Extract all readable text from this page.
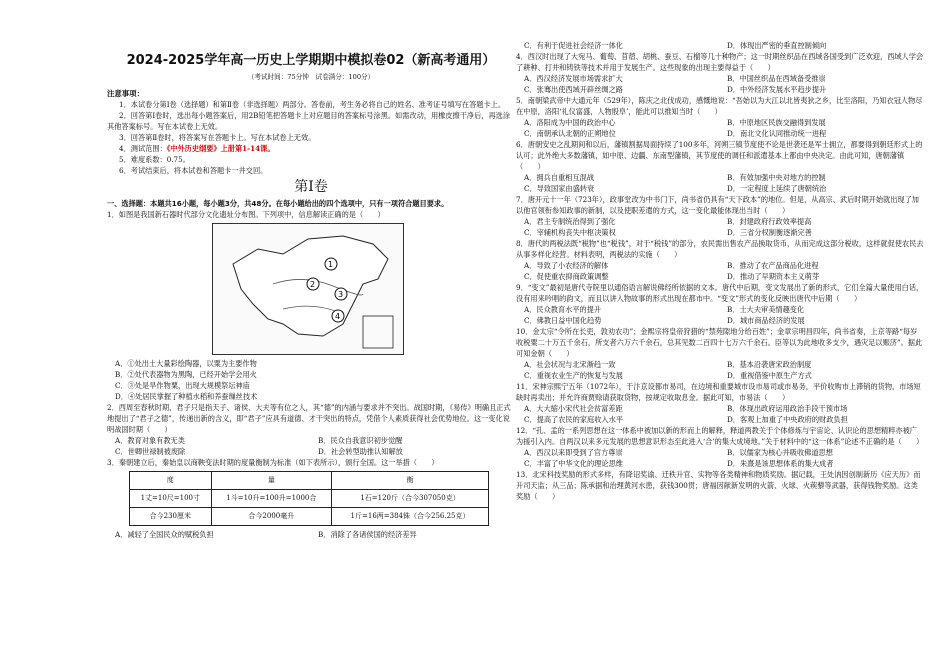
2024-2025学年高一历史上学期期中模拟卷02（新高考通用）
（考试时间：75分钟　试卷满分：100分）
注意事项：

1．本试卷分第Ⅰ卷（选择题）和第Ⅱ卷（非选择题）两部分。答卷前，考生务必将自己的姓名、准考证号填写在答题卡上。

2．回答第Ⅰ卷时，选出每小题答案后，用2B铅笔把答题卡上对应题目的答案标号涂黑。如需改动，用橡皮擦干净后，再选涂其他答案标号。写在本试卷上无效。

3．回答第Ⅱ卷时，将答案写在答题卡上。写在本试卷上无效。

4．测试范围：《中外历史纲要》上册第1-14课。

5．难度系数：0.75。

6．考试结束后，将本试卷和答题卡一并交回。

第Ⅰ卷

一、选择题：本题共16小题，每小题3分，共48分。在每小题给出的四个选项中，只有一项符合题目要求。

1．如图是我国新石器时代部分文化遗址分布图。下列项中，信息解读正确的是（　　）

1
2
3
4
A．①处出土大量彩绘陶器，以粟为主要作物
B．②处代表器物为黑陶，已经开始学会用火
C．③处是旱作物粟，出现大规模祭坛神庙
D．④处居民掌握了种植水稻和养蚕缫丝技术

2．西周至春秋时期，君子只是指天子、诸侯、大夫等有位之人，其“德”的内涵与要求并不突出。战国时期，《易传》明确且正式地提出了“君子之德”，传递出新的含义，即“君子”应具有道德、才干突出的特点，凭借个人素质获得社会优势地位。这一变化说明战国时期（　　）

A．教育对象有教无类	B．民众自我意识初步觉醒
C．世卿世禄制被废除	D．社会转型助推认知解放

3．秦朝建立后，秦始皇以商鞅变法时期的度量衡制为标准（如下表所示），颁行全国。这一举措（　　）

度	量	衡
1丈=10尺=100寸	1斗=10升=100升=1000合	1石=120斤（合今307050克）
合今230厘米	合今2000毫升	1斤=16两=384铢（合今256.25克）
A．减轻了全国民众的赋税负担	B．消除了各诸侯国的经济差异
C．有利于促进社会经济一体化	D．体现出严密的垂直控制倾向

4．西汉时出现了大宛马、葡萄、苜蓿、胡桃、蚕豆、石榴等几十种物产；这一时期丝织品在西域各国受到广泛欢迎，西域人学会了耕种、打井和铸铁等技术并用于发展生产。这些现象的出现主要得益于（　　）

A．西汉经济发展市场需求扩大	B．中国丝织品在西域备受推崇
C．张骞出使西域开辟丝绸之路	D．中外经济发展水平趋步提升

5．南朝梁武帝中大通元年（529年），陈庆之北伐成功，感慨地说：“吾始以为大江以北皆夷狄之乡，比至洛阳，乃知衣冠人物尽在中原，洛阳‘礼仪富盛，人物殷阜’，能此可以推知当时（　　）

A．洛阳成为中国的政治中心	B．中原地区民族交融得到发展
C．南朝承认北朝的正朔地位	D．南北文化认同推动统一进程

6．唐朝安史之乱期间和以后，藩镇割据局面持续了100多年，河朔三镇节度使不论是世袭还是军士拥立，都要得到朝廷形式上的认可；此外绝大多数藩镇，如中原、边疆、东南型藩镇，其节度使的调任和派遣基本上都由中央决定。由此可知，唐朝藩镇（　　）

A．拥兵自重相互混战	B．有效加强中央对地方的控制
C．导致国家由盛转衰	D．一定程度上延续了唐朝统治

7．唐开元十一年（723年），政事堂改为中书门下，尚书省仍具有“天下政本”的地位。但是，从高宗、武后时期开始就出现了加以他官领衔参知政事的新制，以及使职差遣的方式，这一变化最能体现出当时（　　）

A．君主专制统治得到了强化	B．封建政府行政效率提高
C．宰辅机构丧失中枢决策权	D．三省分权制衡逐渐完善

8．唐代的两税法既“税物”也“税钱”，对于“税钱”的部分，农民需出售农产品换取货币，从而完成这部分税收，这样就促使农民去从事多样化经营。材料表明，两税法的实施（　　）

A．导致了小农经济的解体	B．推动了农产品商品化进程
C．促使重农抑商政策调整	D．推动了早期资本主义萌芽

9．“变文”最初是唐代寺院里以通俗语言解说佛经所依据的文本。唐代中后期，变文发展出了新的形式，它们全篇大量使用白话，没有用来吟唱的韵文，而且以讲入物故事的形式出现在都市中。“变文”形式的变化反映出唐代中后期（　　）

A．民众教育水平的提升	B．士大夫审美情趣变化
C．佛教日益中国化趋势	D．城市商品经济的发展

10．金太宗“令所在长吏，敦劝农功”；金熙宗将皇帝狩猎的“禁苑隙地分给百姓”；金章宗明昌四年，尚书省奏，上京等路“每岁收税粟二十万五千余石，所支者六万六千余石，总其见数二百四十七万六千余石。臣等以为此地收多支少，遇灾足以赈济”。据此可知金朝（　　）

A．社会状况与北宋渐趋一致	B．基本沿袭唐宋政治制度
C．重视农业生产的恢复与发展	D．重视借鉴中原生产方式

11．宋神宗熙宁五年（1072年），于汴京设都市易司，在边境和重要城市设市易司或市易务，平价收购市上滞销的货物，市场短缺时再卖出；并允许商贾赊请获取货物，按规定收取息金。据此可知，市易法（　　）

A．大大缩小宋代社会贫富差距	B．体现出政府运用政治手段干预市场
C．提高了农民的家庭收入水平	D．客观上加重了中央政府的财政负担

12．“孔、孟的一系列思想在这一体系中被加以新的形而上的解释，释道两教关于个体修炼与宇宙论、认识论的思想精粹亦被广为援引入内。自两汉以来多元发展的思想意识形态至此进入‘合’的集大成境地。”关于材料中的“这一体系”论述不正确的是（　　）

A．西汉以来即受到了官方尊崇	B．以儒家为核心并吸收佛道思想
C．丰富了中华文化的理论思维	D．朱熹是该思想体系的集大成者

13．北宋科技奖励的形式多样，有降诏奖谕、迁秩升官、实物等各类精神和物质奖励。据记载，王处讷因创制新历《应天历》而升司天监；从三品；陈承据和治理黄河水患，获钱300贯；唐福因献新发明的火箭、火球、火蒺藜等武器，获得钱物奖励。这类奖励（　　）
